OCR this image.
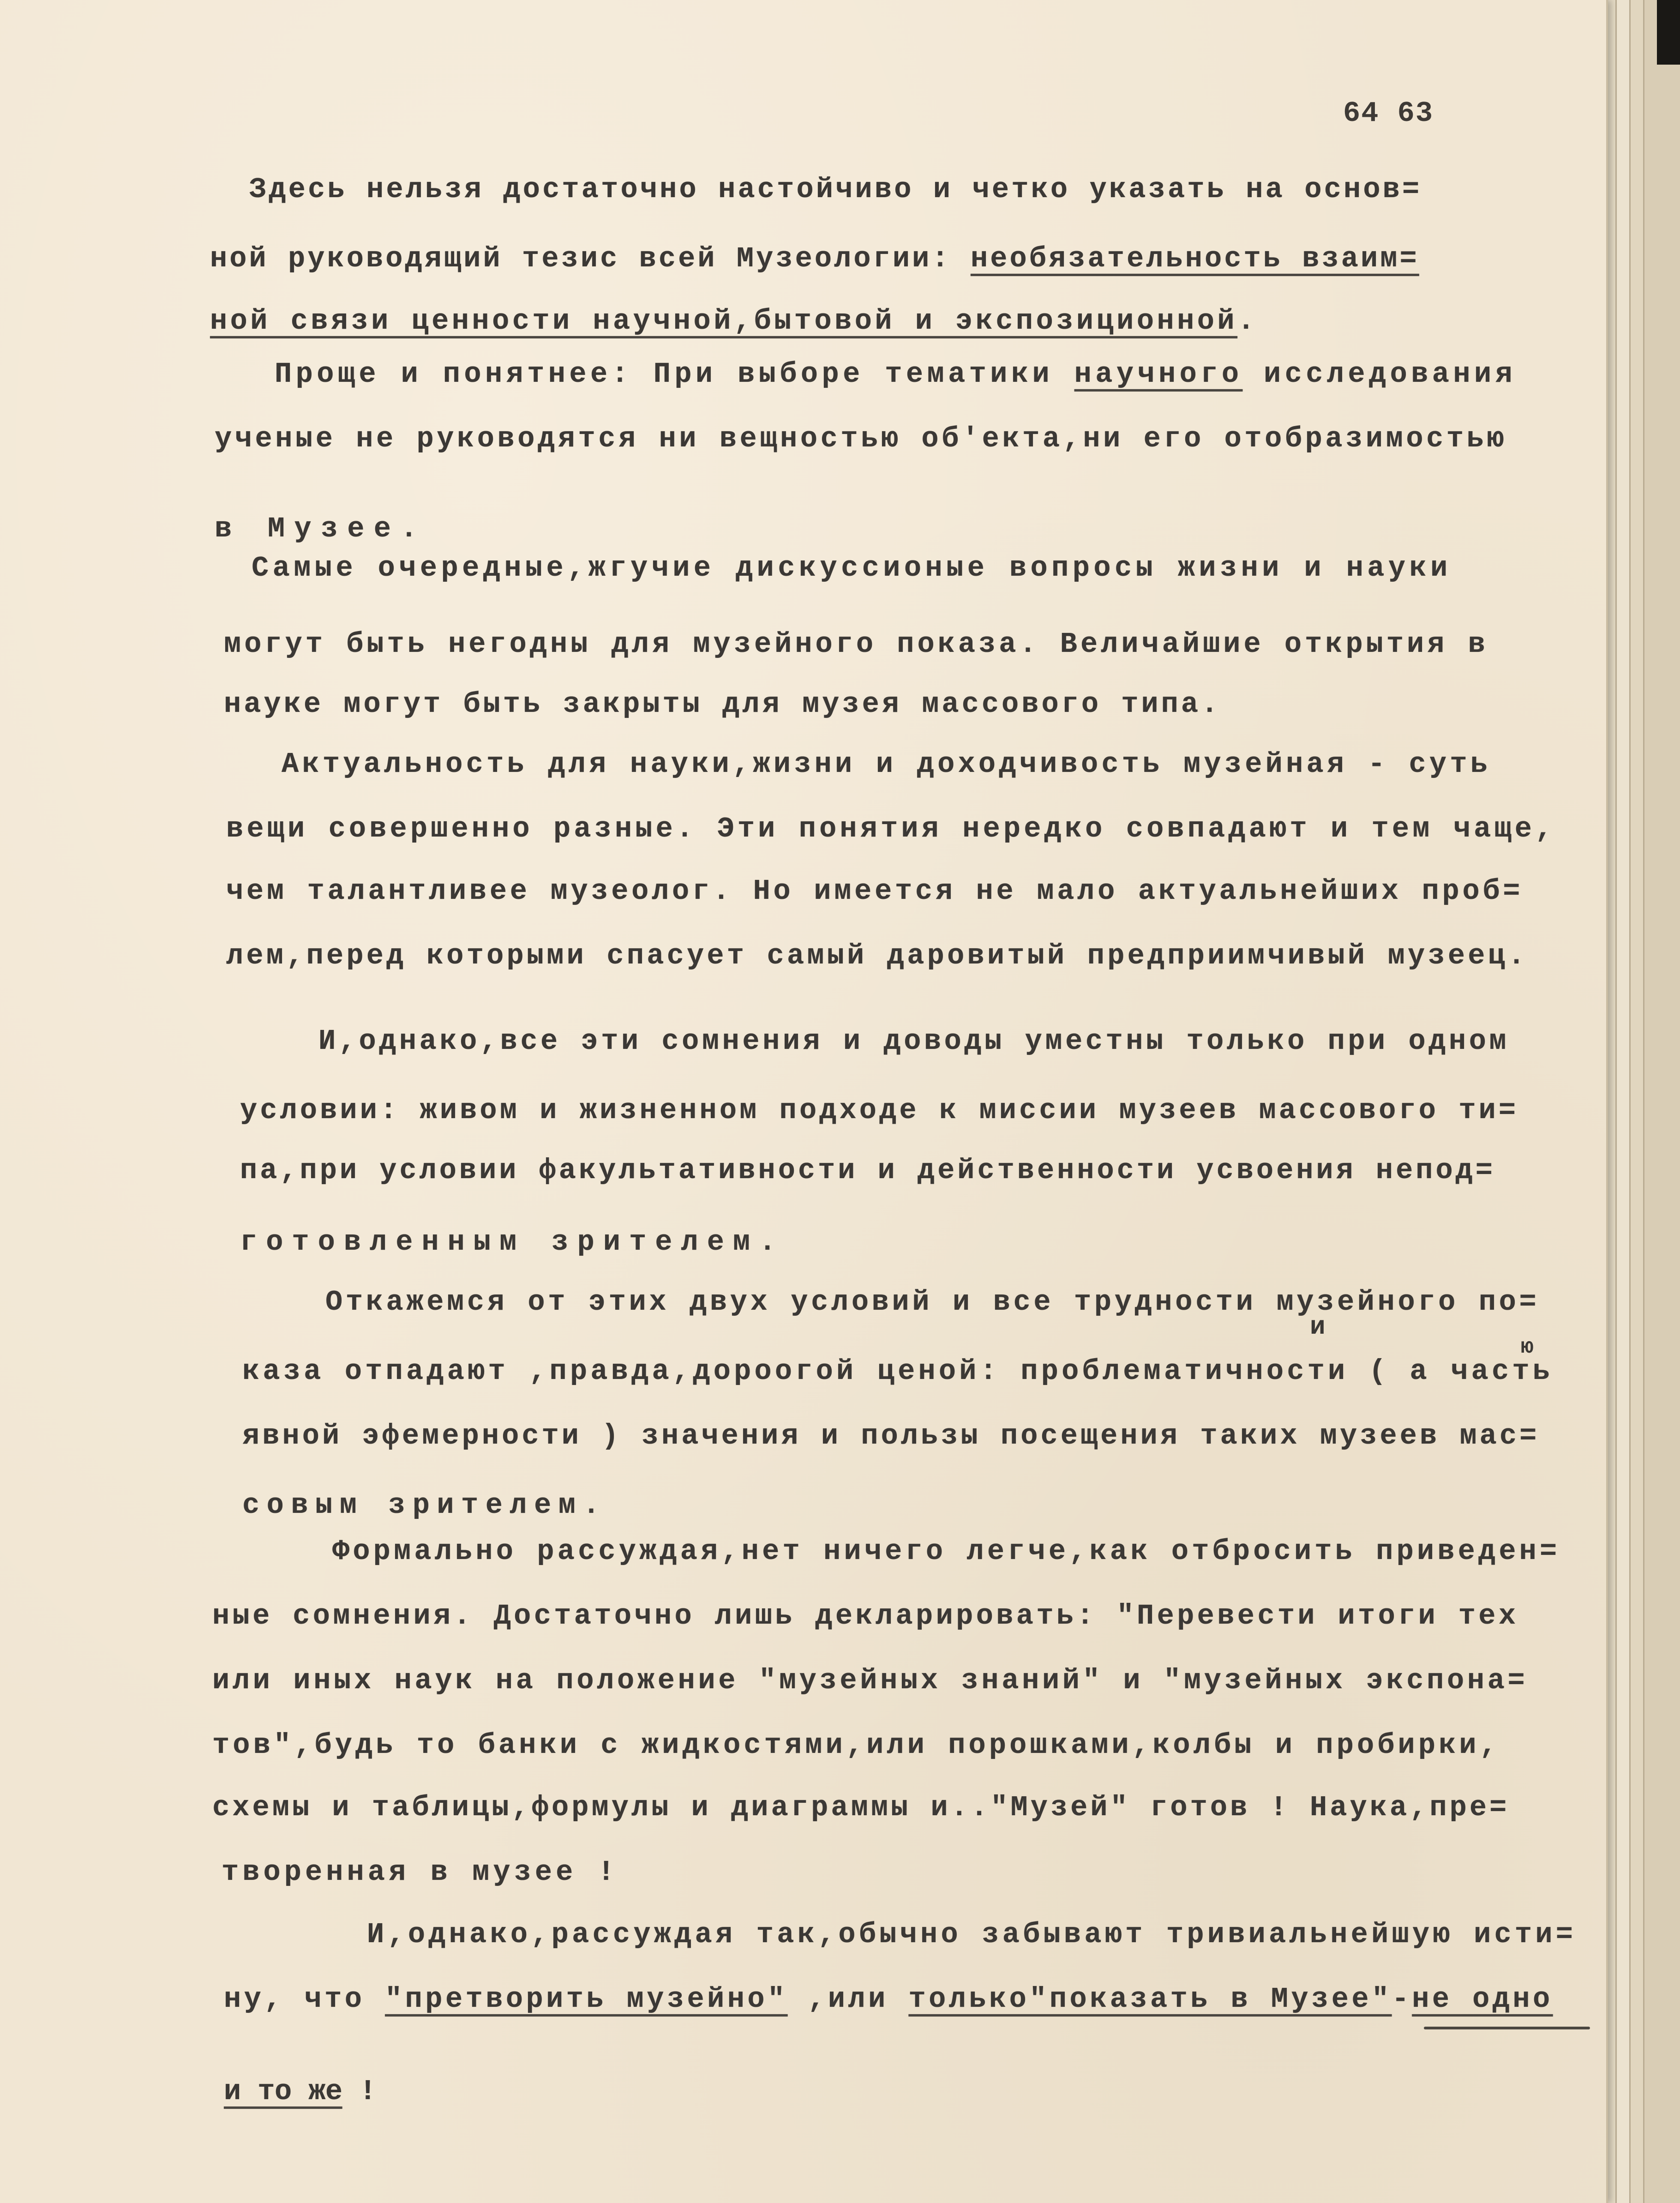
64 63
Здесь нельзя достаточно настойчиво и четко указать на основ=
ной руководящий тезис всей Музеологии: необязательность взаим=
ной связи ценности научной,бытовой и экспозиционной.
Проще и понятнее: При выборе тематики научного исследования
ученые не руководятся ни вещностью об'екта,ни его отобразимостью
в Музее.
Самые очередные,жгучие дискуссионые вопросы жизни и науки
могут быть негодны для музейного показа. Величайшие открытия в
науке могут быть закрыты для музея массового типа.
Актуальность для науки,жизни и доходчивость музейная - суть
вещи совершенно разные. Эти понятия нередко совпадают и тем чаще,
чем талантливее музеолог. Но имеется не мало актуальнейших проб=
лем,перед которыми спасует самый даровитый предприимчивый музеец.
И,однако,все эти сомнения и доводы уместны только при одном
условии: живом и жизненном подходе к миссии музеев массового ти=
па,при условии факультативности и действенности усвоения непод=
готовленным зрителем.
Откажемся от этих двух условий и все трудности музейного по=
каза отпадают ,правда,дороогой ценой: проблематичности ( а часть
явной эфемерности ) значения и пользы посещения таких музеев мас=
совым зрителем.
Формально рассуждая,нет ничего легче,как отбросить приведен=
ные сомнения. Достаточно лишь декларировать: "Перевести итоги тех
или иных наук на положение "музейных знаний" и "музейных экспона=
тов",будь то банки с жидкостями,или порошками,колбы и пробирки,
схемы и таблицы,формулы и диаграммы и.."Музей" готов ! Наука,пре=
творенная в музее !
И,однако,рассуждая так,обычно забывают тривиальнейшую исти=
ну, что "претворить музейно" ,или только"показать в Музее"-не одно
и то же !
и
ю
